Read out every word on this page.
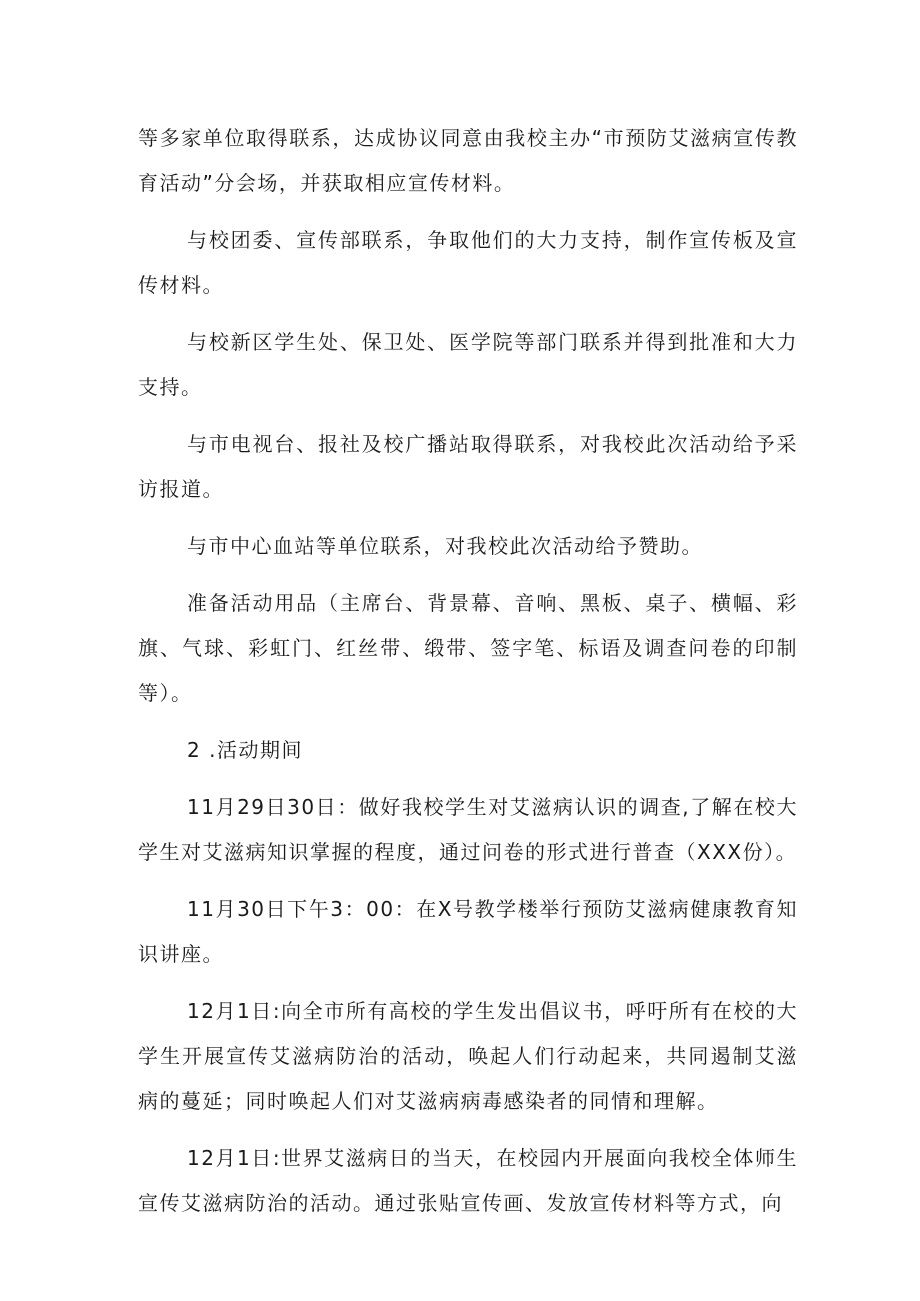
等多家单位取得联系，达成协议同意由我校主办“市预防艾滋病宣传教育活动”分会场，并获取相应宣传材料。

与校团委、宣传部联系，争取他们的大力支持，制作宣传板及宣传材料。

与校新区学生处、保卫处、医学院等部门联系并得到批准和大力支持。

与市电视台、报社及校广播站取得联系，对我校此次活动给予采访报道。

与市中心血站等单位联系，对我校此次活动给予赞助。

准备活动用品（主席台、背景幕、音响、黑板、桌子、横幅、彩旗、气球、彩虹门、红丝带、缎带、签字笔、标语及调查问卷的印制等）。

2 .活动期间

11月29日30日：做好我校学生对艾滋病认识的调查,了解在校大学生对艾滋病知识掌握的程度，通过问卷的形式进行普查（XXX份）。

11月30日下午3：00：在X号教学楼举行预防艾滋病健康教育知识讲座。

12月1日:向全市所有高校的学生发出倡议书，呼吁所有在校的大学生开展宣传艾滋病防治的活动，唤起人们行动起来，共同遏制艾滋病的蔓延；同时唤起人们对艾滋病病毒感染者的同情和理解。

12月1日:世界艾滋病日的当天，在校园内开展面向我校全体师生宣传艾滋病防治的活动。通过张贴宣传画、发放宣传材料等方式，向
